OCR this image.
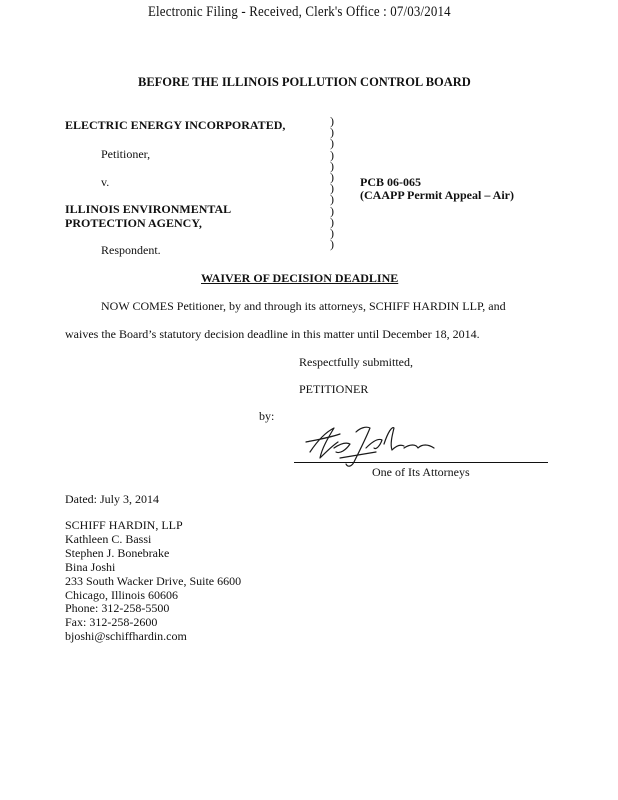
Electronic Filing - Received, Clerk's Office : 07/03/2014
BEFORE THE ILLINOIS POLLUTION CONTROL BOARD
ELECTRIC ENERGY INCORPORATED,
Petitioner,
v.
ILLINOIS ENVIRONMENTAL
PROTECTION AGENCY,
Respondent.
)
)
)
)
)
)
)
)
)
)
)
)
PCB 06-065
(CAAPP Permit Appeal – Air)
WAIVER OF DECISION DEADLINE
NOW COMES Petitioner, by and through its attorneys, SCHIFF HARDIN LLP, and
waives the Board’s statutory decision deadline in this matter until December 18, 2014.
Respectfully submitted,
PETITIONER
by:
One of Its Attorneys
Dated: July 3, 2014
SCHIFF HARDIN, LLP
Kathleen C. Bassi
Stephen J. Bonebrake
Bina Joshi
233 South Wacker Drive, Suite 6600
Chicago, Illinois 60606
Phone: 312-258-5500
Fax: 312-258-2600
bjoshi@schiffhardin.com
